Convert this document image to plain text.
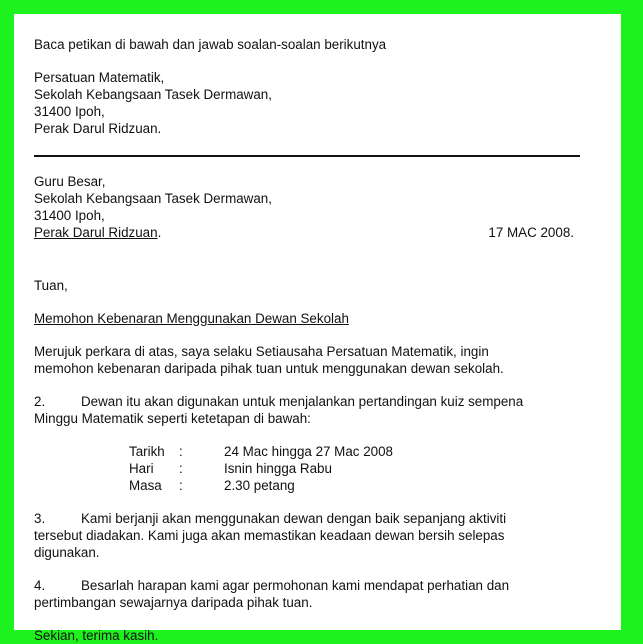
Baca petikan di bawah dan jawab soalan-soalan berikutnya
Persatuan Matematik,
Sekolah Kebangsaan Tasek Dermawan,
31400 Ipoh,
Perak Darul Ridzuan.
Guru Besar,
Sekolah Kebangsaan Tasek Dermawan,
31400 Ipoh,
Perak Darul Ridzuan.	17 MAC 2008.
Tuan,
Memohon Kebenaran Menggunakan Dewan Sekolah
Merujuk perkara di atas, saya selaku Setiausaha Persatuan Matematik, ingin
memohon kebenaran daripada pihak tuan untuk menggunakan dewan sekolah.
2.	Dewan itu akan digunakan untuk menjalankan pertandingan kuiz sempena
Minggu Matematik seperti ketetapan di bawah:
Tarikh	:	24 Mac hingga 27 Mac 2008
Hari	:	Isnin hingga Rabu
Masa	:	2.30 petang
3.	Kami berjanji akan menggunakan dewan dengan baik sepanjang aktiviti
tersebut diadakan. Kami juga akan memastikan keadaan dewan bersih selepas
digunakan.
4.	Besarlah harapan kami agar permohonan kami mendapat perhatian dan
pertimbangan sewajarnya daripada pihak tuan.
Sekian, terima kasih.
